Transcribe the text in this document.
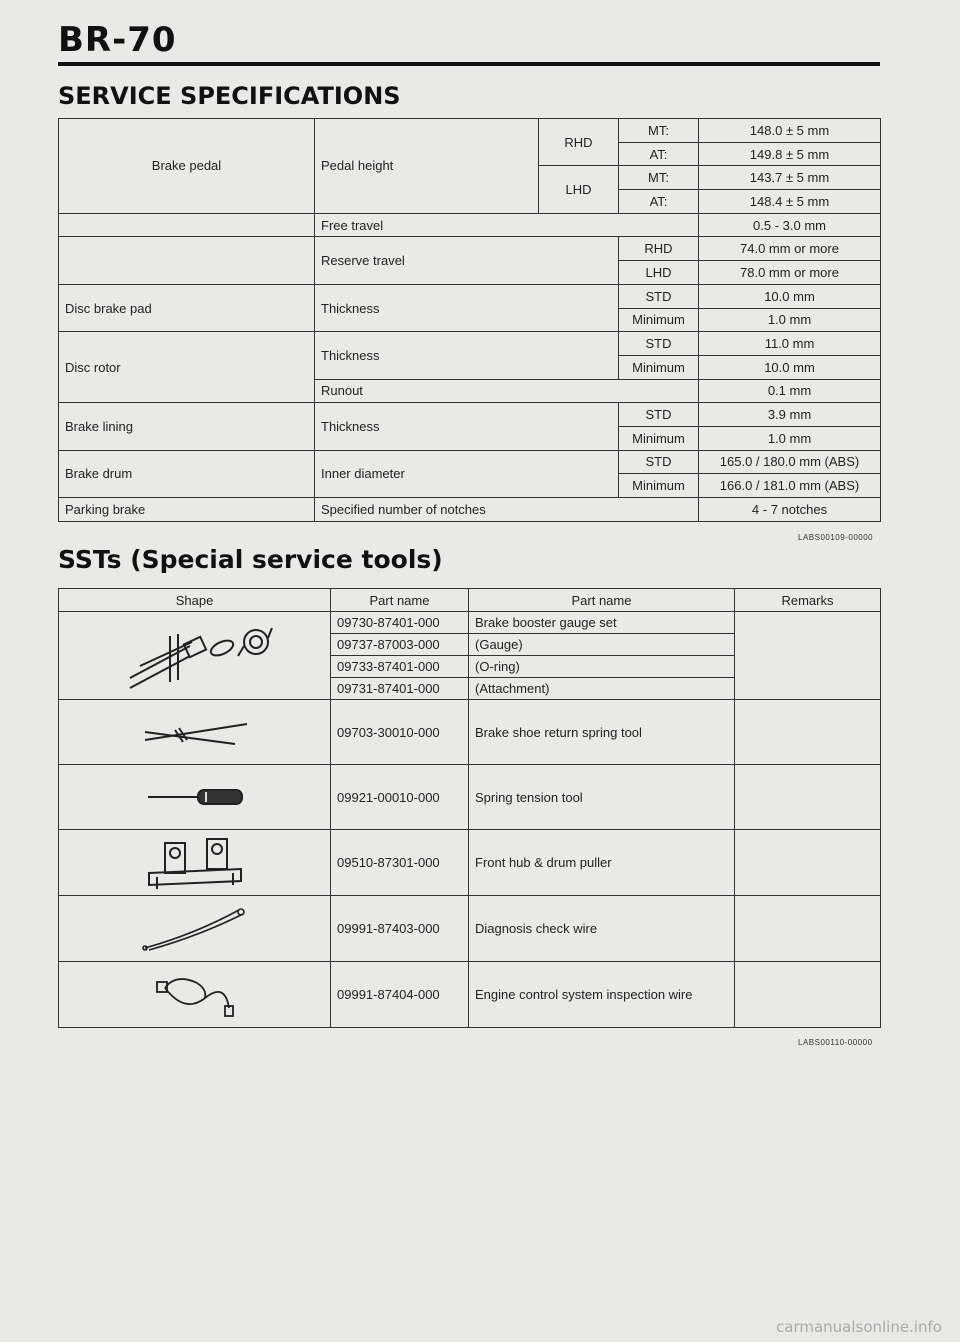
BR-70
SERVICE SPECIFICATIONS
Brake pedal	Pedal height	RHD	MT:	148.0 ± 5 mm
			AT:	149.8 ± 5 mm
		LHD	MT:	143.7 ± 5 mm
			AT:	148.4 ± 5 mm
	Free travel			0.5 - 3.0 mm
	Reserve travel		RHD	74.0 mm or more
			LHD	78.0 mm or more
Disc brake pad	Thickness		STD	10.0 mm
			Minimum	1.0 mm
Disc rotor	Thickness		STD	11.0 mm
			Minimum	10.0 mm
	Runout			0.1 mm
Brake lining	Thickness		STD	3.9 mm
			Minimum	1.0 mm
Brake drum	Inner diameter		STD	165.0 / 180.0 mm (ABS)
			Minimum	166.0 / 181.0 mm (ABS)
Parking brake	Specified number of notches			4 - 7 notches
LABS00109-00000
SSTs (Special service tools)
Shape	Part name	Part name	Remarks

	09730-87401-000	Brake booster gauge set	
	09737-87003-000	(Gauge)	
	09733-87401-000	(O-ring)	
	09731-87401-000	(Attachment)	

	09703-30010-000	Brake shoe return spring tool	

	09921-00010-000	Spring tension tool	

	09510-87301-000	Front hub & drum puller	

	09991-87403-000	Diagnosis check wire	

	09991-87404-000	Engine control system inspection wire	
LABS00110-00000
carmanualsonline.info
